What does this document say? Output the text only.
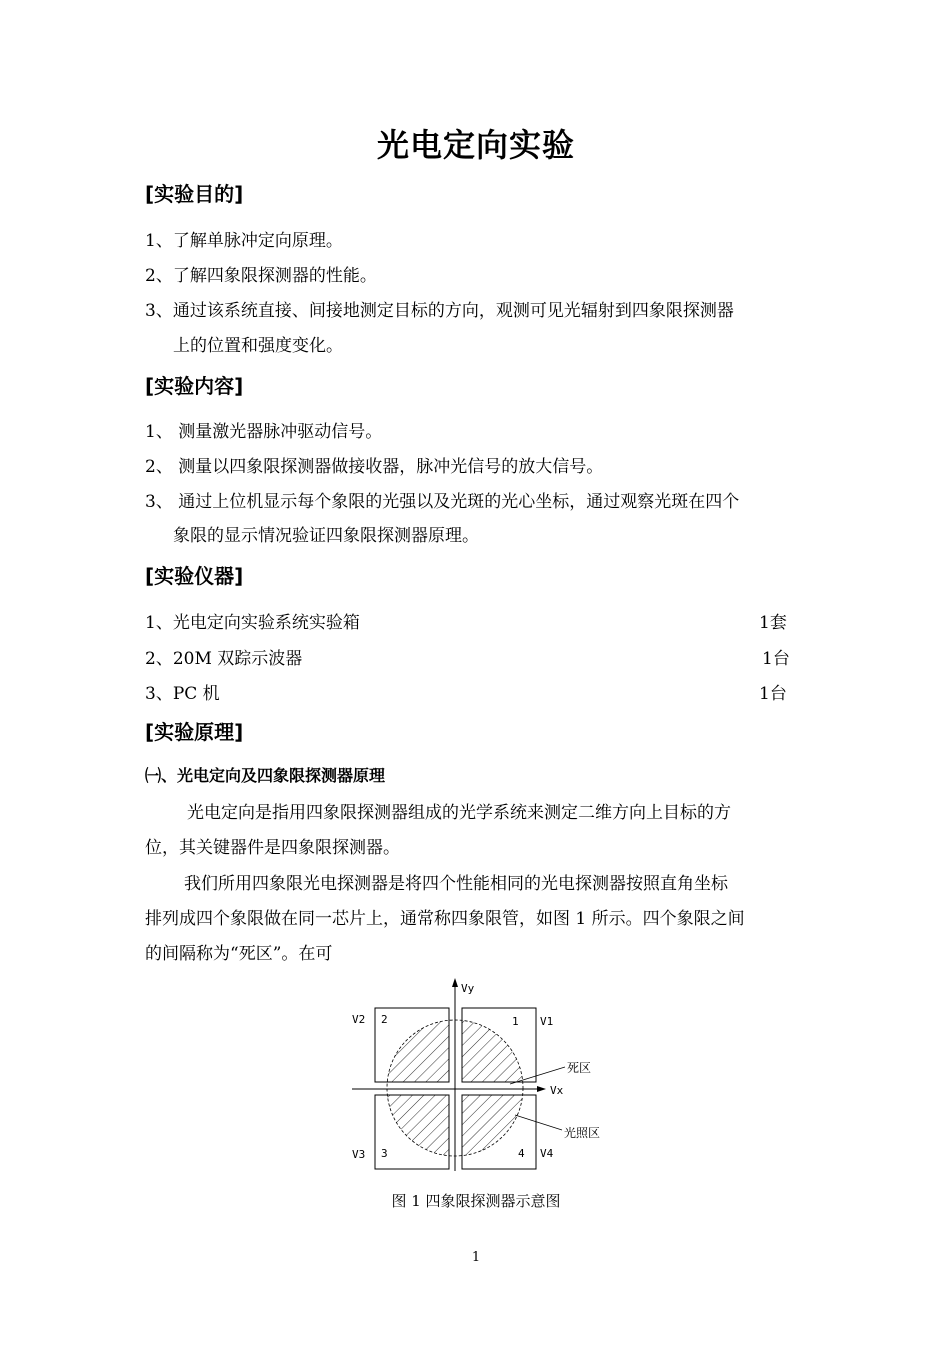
光电定向实验
[实验目的]
1、了解单脉冲定向原理。
2、了解四象限探测器的性能。
3、通过该系统直接、间接地测定目标的方向，观测可见光辐射到四象限探测器
上的位置和强度变化。
[实验内容]
1、 测量激光器脉冲驱动信号。
2、 测量以四象限探测器做接收器，脉冲光信号的放大信号。
3、 通过上位机显示每个象限的光强以及光斑的光心坐标，通过观察光斑在四个
象限的显示情况验证四象限探测器原理。
[实验仪器]
1、光电定向实验系统实验箱	1套
2、20M 双踪示波器	1台
3、PC 机	1台
[实验原理]
㈠、光电定向及四象限探测器原理
光电定向是指用四象限探测器组成的光学系统来测定二维方向上目标的方
位，其关键器件是四象限探测器。
我们所用四象限光电探测器是将四个性能相同的光电探测器按照直角坐标
排列成四个象限做在同一芯片上，通常称四象限管，如图 1 所示。四个象限之间
的间隔称为“死区”。在可
Vy
Vx
V2 2	1 V1
V3 3	4 V4
死区
光照区
图 1 四象限探测器示意图
1
